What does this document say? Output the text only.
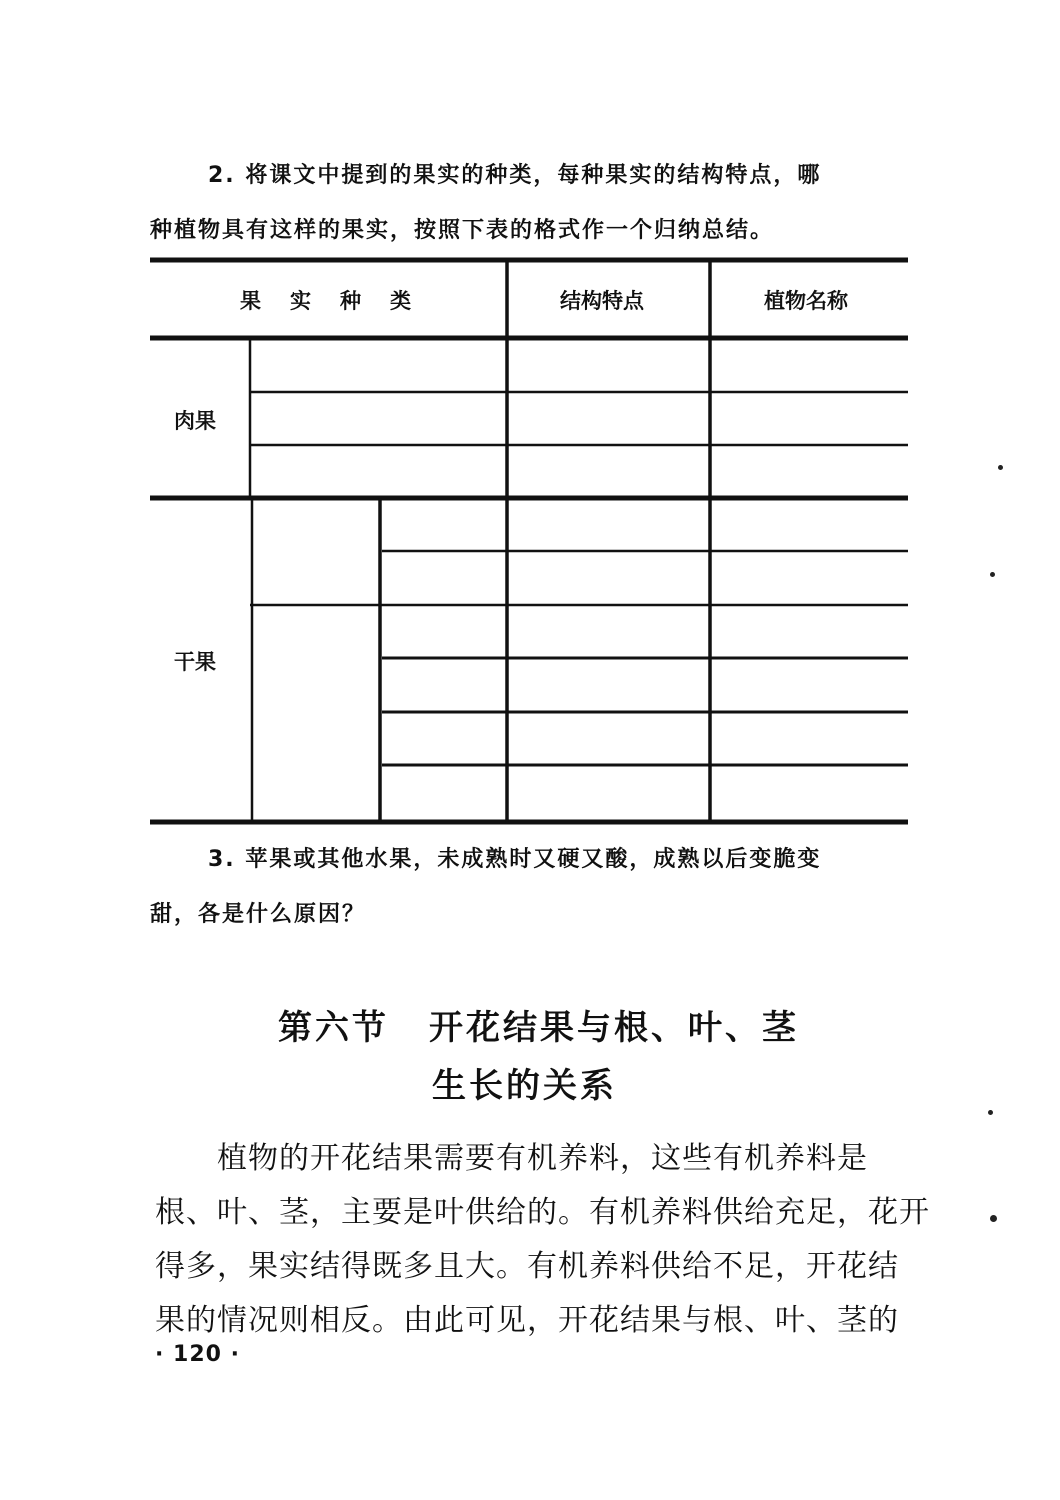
2. 将课文中提到的果实的种类，每种果实的结构特点，哪
种植物具有这样的果实，按照下表的格式作一个归纳总结。

果　实　种　类	结构特点	植物名称
肉果
干果

3. 苹果或其他水果，未成熟时又硬又酸，成熟以后变脆变
甜，各是什么原因？

第六节 开花结果与根、叶、茎
生长的关系

植物的开花结果需要有机养料，这些有机养料是
根、叶、茎，主要是叶供给的。有机养料供给充足，花开
得多，果实结得既多且大。有机养料供给不足，开花结
果的情况则相反。由此可见，开花结果与根、叶、茎的

· 120 ·
